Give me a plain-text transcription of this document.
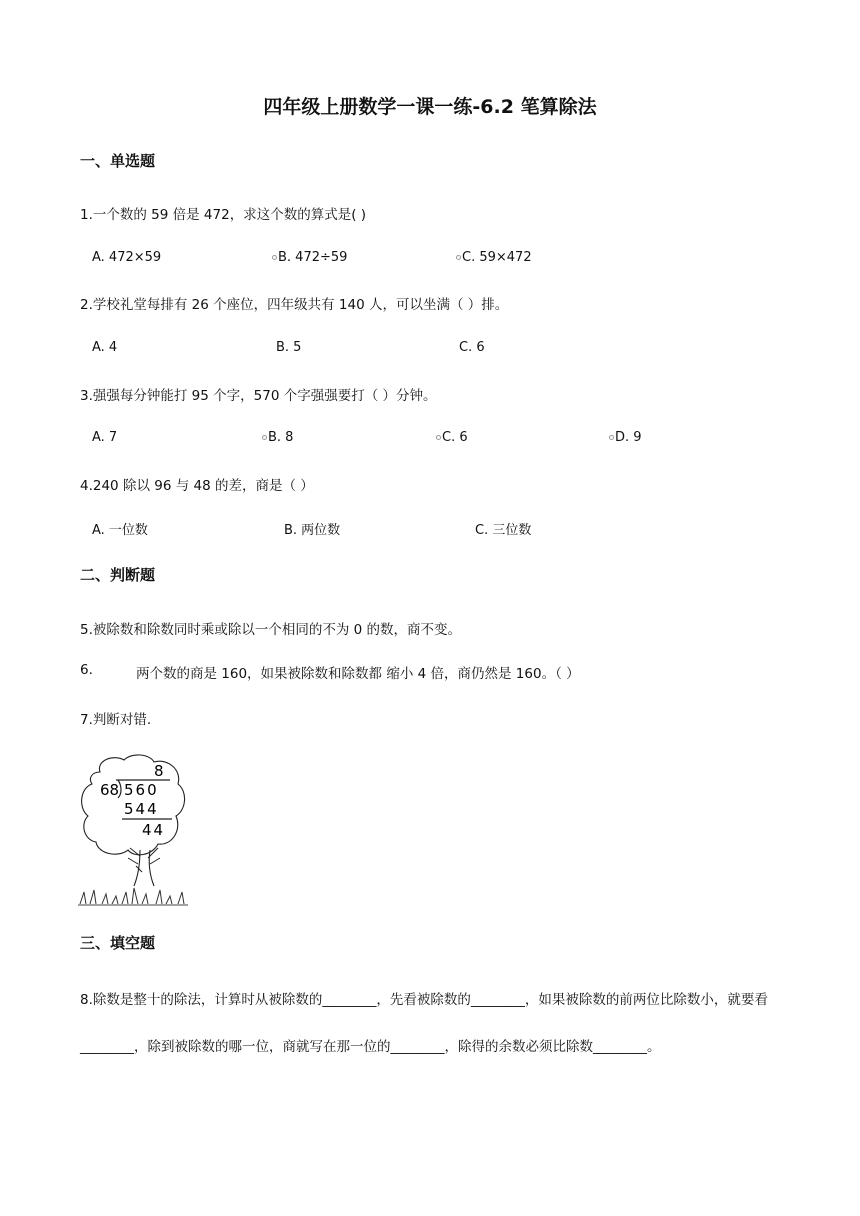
四年级上册数学一课一练-6.2 笔算除法
一、单选题
1.一个数的 59 倍是 472，求这个数的算式是( )
A. 472×59	B. 472÷59	C. 59×472
2.学校礼堂每排有 26 个座位，四年级共有 140 人，可以坐满（ ）排。
A. 4	B. 5	C. 6
3.强强每分钟能打 95 个字，570 个字强强要打（ ）分钟。
A. 7	B. 8	C. 6	D. 9
4.240 除以 96 与 48 的差，商是（ ）
A. 一位数	B. 两位数	C. 三位数
二、判断题
5.被除数和除数同时乘或除以一个相同的不为 0 的数，商不变。
6.	两个数的商是 160，如果被除数和除数都 缩小 4 倍，商仍然是 160。（ ）
7.判断对错.
8
68 560
544
44
三、填空题
8.除数是整十的除法，计算时从被除数的________，先看被除数的________，如果被除数的前两位比除数小，就要看________，除到被除数的哪一位，商就写在那一位的________，除得的余数必须比除数________。
